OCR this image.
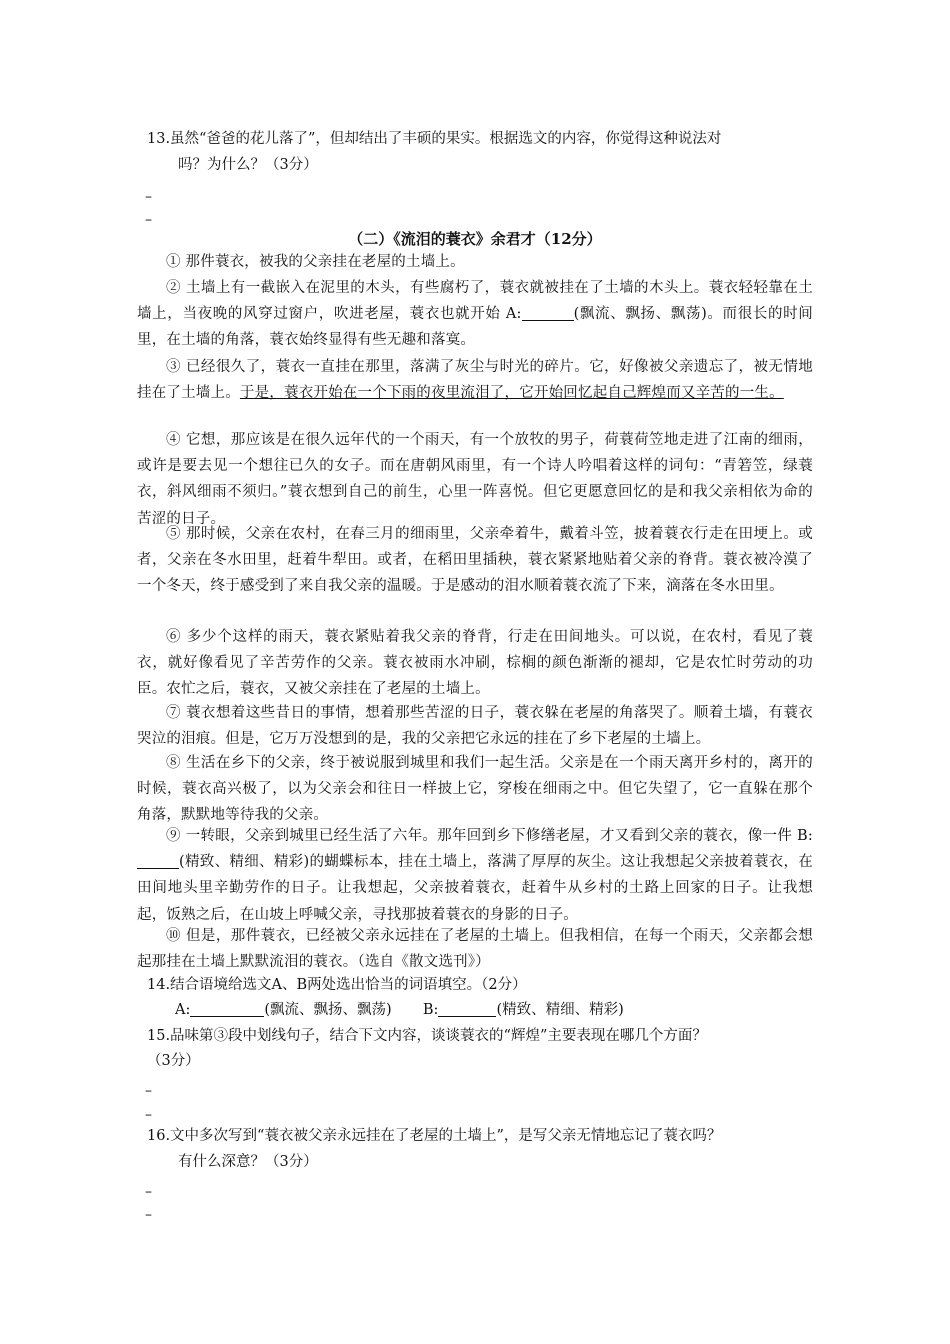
13.虽然“爸爸的花儿落了”，但却结出了丰硕的果实。根据选文的内容，你觉得这种说法对
吗？为什么？（3分）
–
–
（二）《流泪的蓑衣》余君才（12分）
① 那件蓑衣，被我的父亲挂在老屋的土墙上。
② 土墙上有一截嵌入在泥里的木头，有些腐朽了，蓑衣就被挂在了土墙的木头上。蓑衣轻轻靠在土墙上，当夜晚的风穿过窗户，吹进老屋，蓑衣也就开始 A:	(飘流、飘扬、飘荡)。而很长的时间里，在土墙的角落，蓑衣始终显得有些无趣和落寞。
③ 已经很久了，蓑衣一直挂在那里，落满了灰尘与时光的碎片。它，好像被父亲遗忘了，被无情地挂在了土墙上。于是，蓑衣开始在一个下雨的夜里流泪了，它开始回忆起自己辉煌而又辛苦的一生。
④ 它想，那应该是在很久远年代的一个雨天，有一个放牧的男子，荷蓑荷笠地走进了江南的细雨，或许是要去见一个想往已久的女子。而在唐朝风雨里，有一个诗人吟唱着这样的词句：“青箬笠，绿蓑衣，斜风细雨不须归。”蓑衣想到自己的前生，心里一阵喜悦。但它更愿意回忆的是和我父亲相依为命的苦涩的日子。
⑤ 那时候，父亲在农村，在春三月的细雨里，父亲牵着牛，戴着斗笠，披着蓑衣行走在田埂上。或者，父亲在冬水田里，赶着牛犁田。或者，在稻田里插秧，蓑衣紧紧地贴着父亲的脊背。蓑衣被冷漠了一个冬天，终于感受到了来自我父亲的温暖。于是感动的泪水顺着蓑衣流了下来，滴落在冬水田里。
⑥ 多少个这样的雨天，蓑衣紧贴着我父亲的脊背，行走在田间地头。可以说，在农村，看见了蓑衣，就好像看见了辛苦劳作的父亲。蓑衣被雨水冲刷，棕榈的颜色渐渐的褪却，它是农忙时劳动的功臣。农忙之后，蓑衣，又被父亲挂在了老屋的土墙上。
⑦ 蓑衣想着这些昔日的事情，想着那些苦涩的日子，蓑衣躲在老屋的角落哭了。顺着土墙，有蓑衣哭泣的泪痕。但是，它万万没想到的是，我的父亲把它永远的挂在了乡下老屋的土墙上。
⑧ 生活在乡下的父亲，终于被说服到城里和我们一起生活。父亲是在一个雨天离开乡村的，离开的时候，蓑衣高兴极了，以为父亲会和往日一样披上它，穿梭在细雨之中。但它失望了，它一直躲在那个角落，默默地等待我的父亲。
⑨ 一转眼，父亲到城里已经生活了六年。那年回到乡下修缮老屋，才又看到父亲的蓑衣，像一件 B:(精致、精细、精彩)的蝴蝶标本，挂在土墙上，落满了厚厚的灰尘。这让我想起父亲披着蓑衣，在田间地头里辛勤劳作的日子。让我想起，父亲披着蓑衣，赶着牛从乡村的土路上回家的日子。让我想起，饭熟之后，在山坡上呼喊父亲，寻找那披着蓑衣的身影的日子。
⑩ 但是，那件蓑衣，已经被父亲永远挂在了老屋的土墙上。但我相信，在每一个雨天，父亲都会想起那挂在土墙上默默流泪的蓑衣。（选自《散文选刊》）
14.结合语境给选文A、B两处选出恰当的词语填空。（2分）
A:	(飘流、飘扬、飘荡) B:	(精致、精细、精彩)
15.品味第③段中划线句子，结合下文内容，谈谈蓑衣的“辉煌”主要表现在哪几个方面？
（3分）
–
–
16.文中多次写到“蓑衣被父亲永远挂在了老屋的土墙上”，是写父亲无情地忘记了蓑衣吗？
有什么深意？（3分）
–
–
